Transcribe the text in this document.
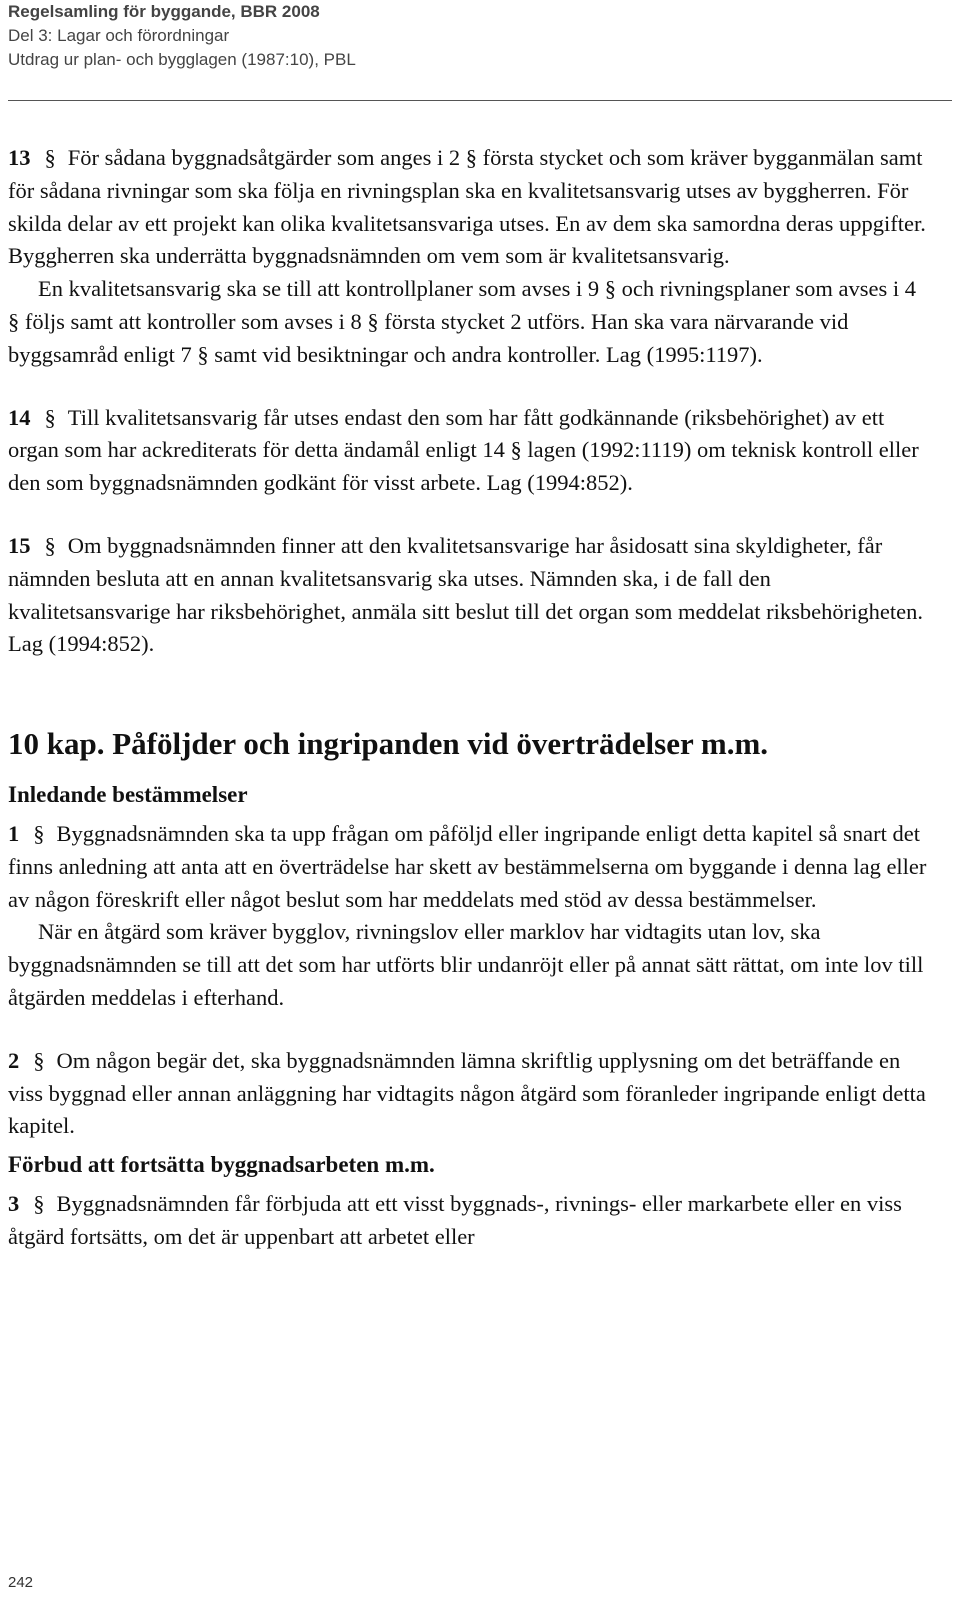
Regelsamling för byggande, BBR 2008
Del 3: Lagar och förordningar
Utdrag ur plan- och bygglagen (1987:10), PBL

13 § För sådana byggnadsåtgärder som anges i 2 § första stycket och som kräver bygganmälan samt för sådana rivningar som ska följa en rivningsplan ska en kvalitetsansvarig utses av byggherren. För skilda delar av ett projekt kan olika kvalitetsansvariga utses. En av dem ska samordna deras uppgifter. Byggherren ska underrätta byggnadsnämnden om vem som är kvalitetsansvarig.

En kvalitetsansvarig ska se till att kontrollplaner som avses i 9 § och rivningsplaner som avses i 4 § följs samt att kontroller som avses i 8 § första stycket 2 utförs. Han ska vara närvarande vid byggsamråd enligt 7 § samt vid besiktningar och andra kontroller. Lag (1995:1197).

14 § Till kvalitetsansvarig får utses endast den som har fått godkännande (riksbehörighet) av ett organ som har ackrediterats för detta ändamål enligt 14 § lagen (1992:1119) om teknisk kontroll eller den som byggnadsnämnden godkänt för visst arbete. Lag (1994:852).

15 § Om byggnadsnämnden finner att den kvalitetsansvarige har åsidosatt sina skyldigheter, får nämnden besluta att en annan kvalitetsansvarig ska utses. Nämnden ska, i de fall den kvalitetsansvarige har riksbehörighet, anmäla sitt beslut till det organ som meddelat riksbehörigheten. Lag (1994:852).

10 kap. Påföljder och ingripanden vid överträdelser m.m.
Inledande bestämmelser

1 § Byggnadsnämnden ska ta upp frågan om påföljd eller ingripande enligt detta kapitel så snart det finns anledning att anta att en överträdelse har skett av bestämmelserna om byggande i denna lag eller av någon föreskrift eller något beslut som har meddelats med stöd av dessa bestämmelser.

När en åtgärd som kräver bygglov, rivningslov eller marklov har vidtagits utan lov, ska byggnadsnämnden se till att det som har utförts blir undanröjt eller på annat sätt rättat, om inte lov till åtgärden meddelas i efterhand.

2 § Om någon begär det, ska byggnadsnämnden lämna skriftlig upplysning om det beträffande en viss byggnad eller annan anläggning har vidtagits någon åtgärd som föranleder ingripande enligt detta kapitel.

Förbud att fortsätta byggnadsarbeten m.m.

3 § Byggnadsnämnden får förbjuda att ett visst byggnads-, rivnings- eller markarbete eller en viss åtgärd fortsätts, om det är uppenbart att arbetet eller

242
